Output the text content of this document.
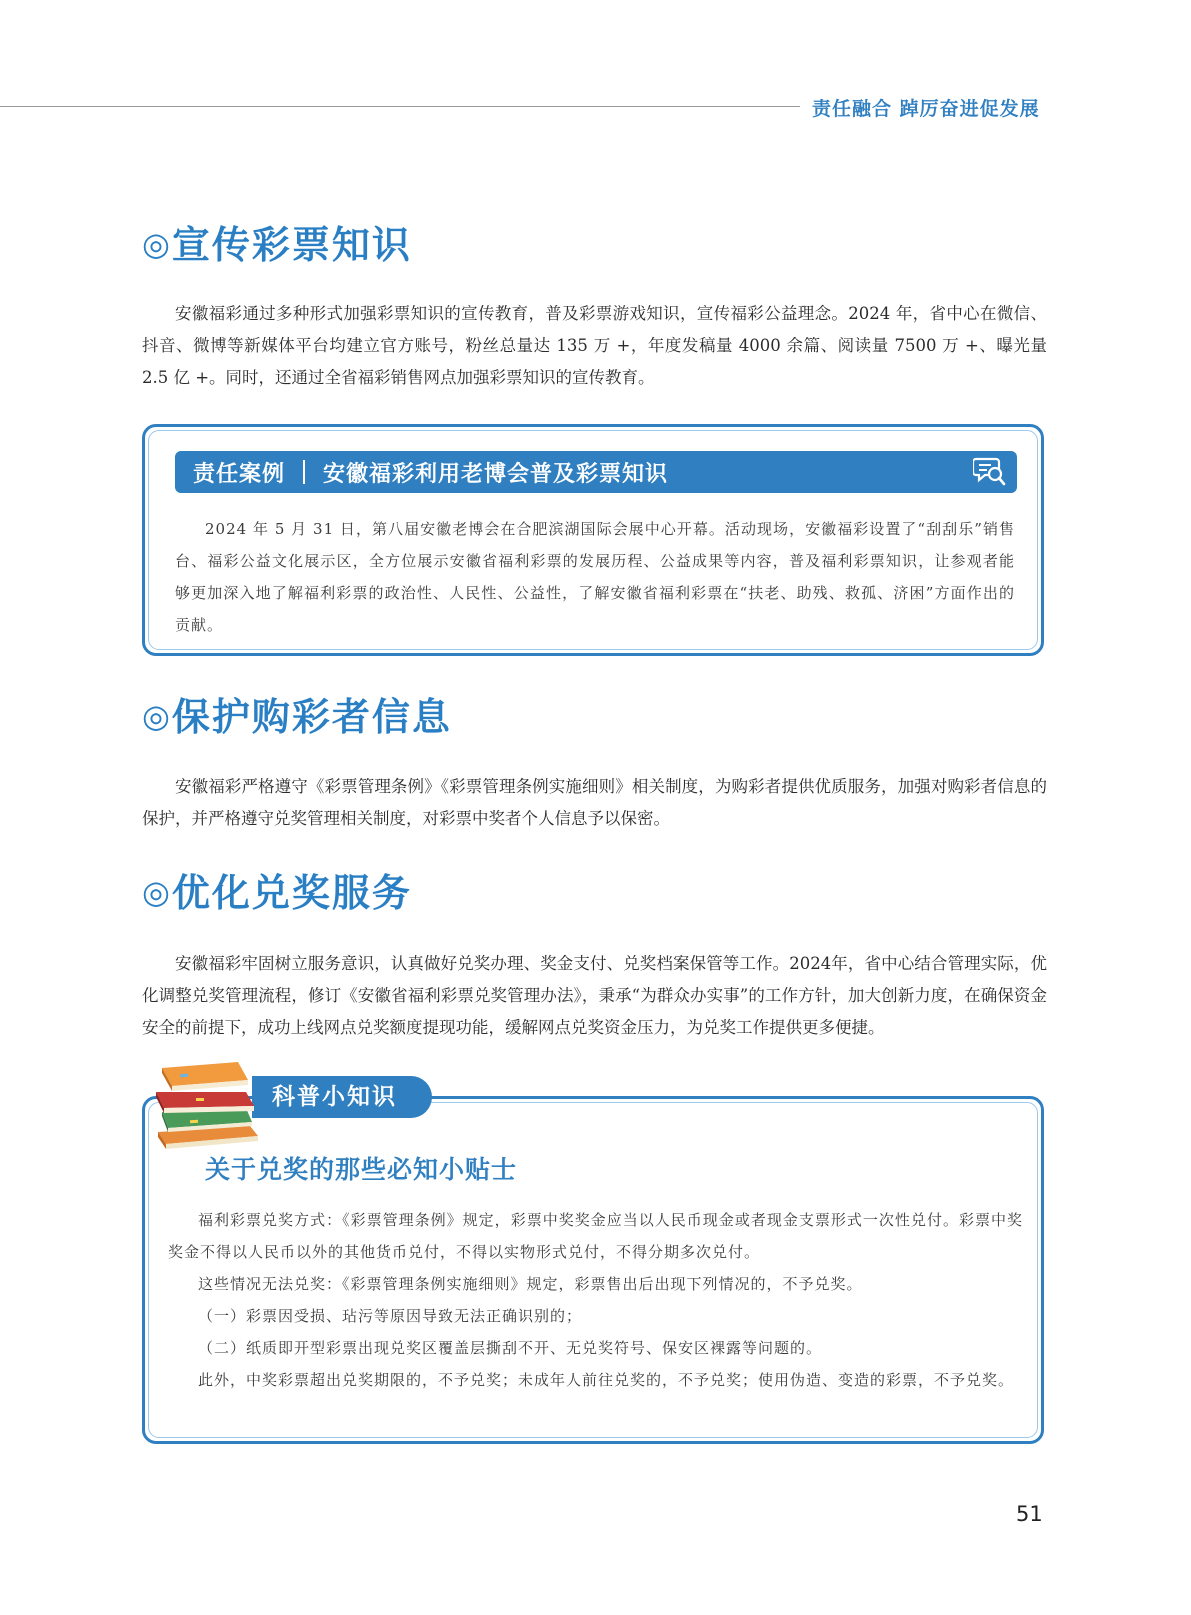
责任融合 踔厉奋进促发展
◎宣传彩票知识

安徽福彩通过多种形式加强彩票知识的宣传教育，普及彩票游戏知识，宣传福彩公益理念。2024 年，省中心在微信、抖音、微博等新媒体平台均建立官方账号，粉丝总量达 135 万 +，年度发稿量 4000 余篇、阅读量 7500 万 +、曝光量 2.5 亿 +。同时，还通过全省福彩销售网点加强彩票知识的宣传教育。

责任案例 安徽福彩利用老博会普及彩票知识

2024 年 5 月 31 日，第八届安徽老博会在合肥滨湖国际会展中心开幕。活动现场，安徽福彩设置了“刮刮乐”销售台、福彩公益文化展示区，全方位展示安徽省福利彩票的发展历程、公益成果等内容，普及福利彩票知识，让参观者能够更加深入地了解福利彩票的政治性、人民性、公益性，了解安徽省福利彩票在“扶老、助残、救孤、济困”方面作出的贡献。

◎保护购彩者信息

安徽福彩严格遵守《彩票管理条例》《彩票管理条例实施细则》相关制度，为购彩者提供优质服务，加强对购彩者信息的保护，并严格遵守兑奖管理相关制度，对彩票中奖者个人信息予以保密。

◎优化兑奖服务

安徽福彩牢固树立服务意识，认真做好兑奖办理、奖金支付、兑奖档案保管等工作。2024年，省中心结合管理实际，优化调整兑奖管理流程，修订《安徽省福利彩票兑奖管理办法》，秉承“为群众办实事”的工作方针，加大创新力度，在确保资金安全的前提下，成功上线网点兑奖额度提现功能，缓解网点兑奖资金压力，为兑奖工作提供更多便捷。

科普小知识
关于兑奖的那些必知小贴士

福利彩票兑奖方式：《彩票管理条例》规定，彩票中奖奖金应当以人民币现金或者现金支票形式一次性兑付。彩票中奖奖金不得以人民币以外的其他货币兑付，不得以实物形式兑付，不得分期多次兑付。

这些情况无法兑奖：《彩票管理条例实施细则》规定，彩票售出后出现下列情况的，不予兑奖。

（一）彩票因受损、玷污等原因导致无法正确识别的；

（二）纸质即开型彩票出现兑奖区覆盖层撕刮不开、无兑奖符号、保安区裸露等问题的。

此外，中奖彩票超出兑奖期限的，不予兑奖；未成年人前往兑奖的，不予兑奖；使用伪造、变造的彩票，不予兑奖。

51
